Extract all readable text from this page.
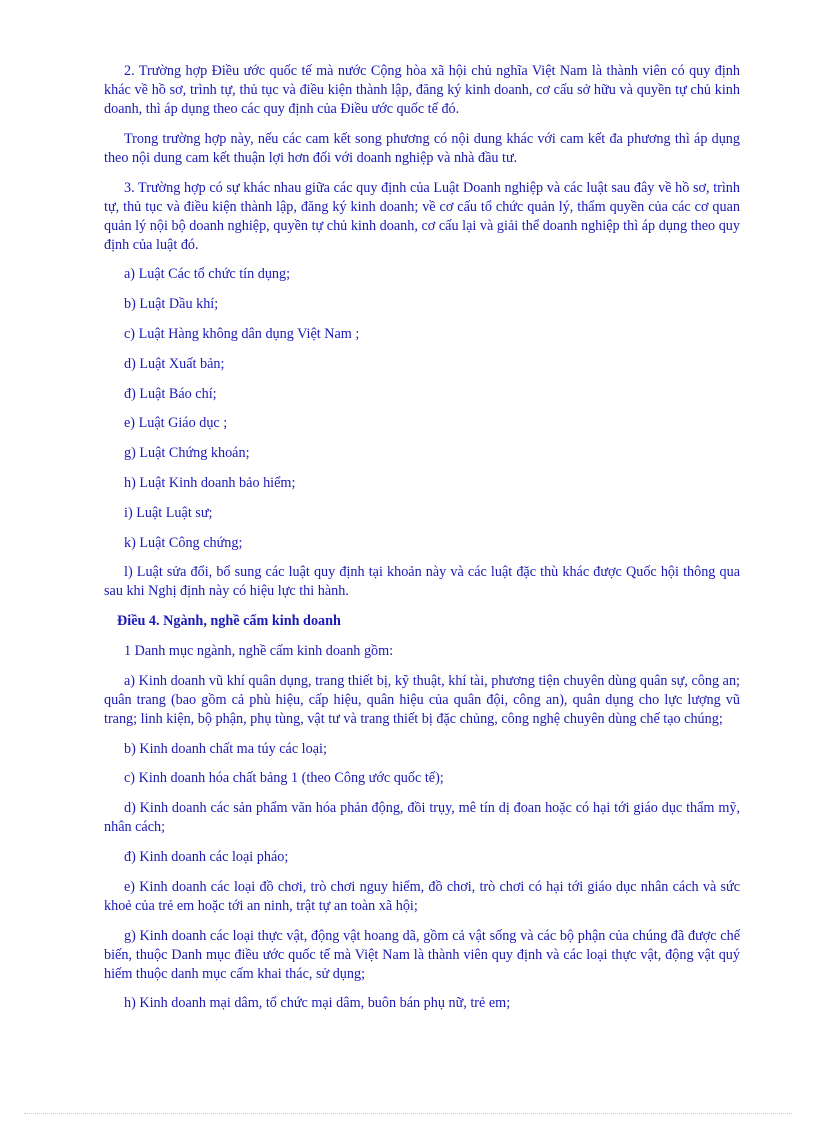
2. Trường hợp Điều ước quốc tế mà nước Cộng hòa xã hội chủ nghĩa Việt Nam là thành viên có quy định khác về hồ sơ, trình tự, thủ tục và điều kiện thành lập, đăng ký kinh doanh, cơ cấu sở hữu và quyền tự chủ kinh doanh, thì áp dụng theo các quy định của Điều ước quốc tế đó.

Trong trường hợp này, nếu các cam kết song phương có nội dung khác với cam kết đa phương thì áp dụng theo nội dung cam kết thuận lợi hơn đối với doanh nghiệp và nhà đầu tư.

3. Trường hợp có sự khác nhau giữa các quy định của Luật Doanh nghiệp và các luật sau đây về hồ sơ, trình tự, thủ tục và điều kiện thành lập, đăng ký kinh doanh; về cơ cấu tổ chức quản lý, thẩm quyền của các cơ quan quản lý nội bộ doanh nghiệp, quyền tự chủ kinh doanh, cơ cấu lại và giải thể doanh nghiệp thì áp dụng theo quy định của luật đó.

a) Luật Các tổ chức tín dụng;

b) Luật Dầu khí;

c) Luật Hàng không dân dụng Việt Nam ;

d) Luật Xuất bản;

đ) Luật Báo chí;

e) Luật Giáo dục ;

g) Luật Chứng khoán;

h) Luật Kinh doanh bảo hiểm;

i) Luật Luật sư;

k) Luật Công chứng;

l) Luật sửa đổi, bổ sung các luật quy định tại khoản này và các luật đặc thù khác được Quốc hội thông qua sau khi Nghị định này có hiệu lực thi hành.

Điều 4. Ngành, nghề cấm kinh doanh

1 Danh mục ngành, nghề cấm kinh doanh gồm:

a) Kinh doanh vũ khí quân dụng, trang thiết bị, kỹ thuật, khí tài, phương tiện chuyên dùng quân sự, công an; quân trang (bao gồm cả phù hiệu, cấp hiệu, quân hiệu của quân đội, công an), quân dụng cho lực lượng vũ trang; linh kiện, bộ phận, phụ tùng, vật tư và trang thiết bị đặc chủng, công nghệ chuyên dùng chế tạo chúng;

b) Kinh doanh chất ma túy các loại;

c) Kinh doanh hóa chất bảng 1 (theo Công ước quốc tế);

d) Kinh doanh các sản phẩm văn hóa phản động, đồi trụy, mê tín dị đoan hoặc có hại tới giáo dục thẩm mỹ, nhân cách;

đ) Kinh doanh các loại pháo;

e) Kinh doanh các loại đồ chơi, trò chơi nguy hiểm, đồ chơi, trò chơi có hại tới giáo dục nhân cách và sức khoẻ của trẻ em hoặc tới an ninh, trật tự an toàn xã hội;

g) Kinh doanh các loại thực vật, động vật hoang dã, gồm cả vật sống và các bộ phận của chúng đã được chế biến, thuộc Danh mục điều ước quốc tế mà Việt Nam là thành viên quy định và các loại thực vật, động vật quý hiếm thuộc danh mục cấm khai thác, sử dụng;

h) Kinh doanh mại dâm, tổ chức mại dâm, buôn bán phụ nữ, trẻ em;
